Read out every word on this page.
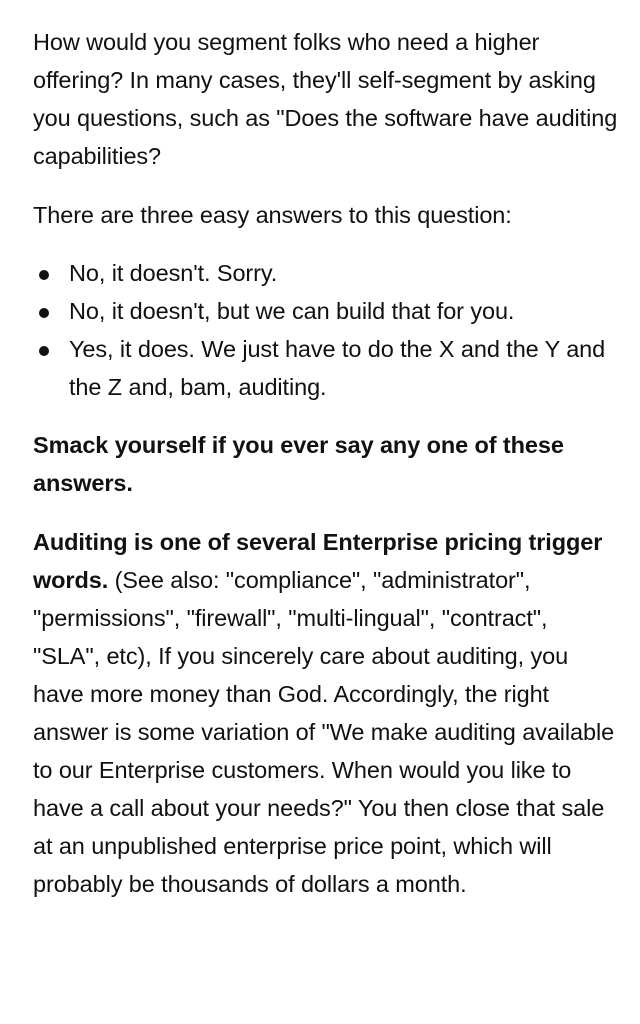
How would you segment folks who need a higher offering? In many cases, they'll self-segment by asking you questions, such as "Does the software have auditing capabilities?

There are three easy answers to this question:

No, it doesn't. Sorry.
No, it doesn't, but we can build that for you.
Yes, it does. We just have to do the X and the Y and the Z and, bam, auditing.

Smack yourself if you ever say any one of these answers.

Auditing is one of several Enterprise pricing trigger words. (See also: "compliance", "administrator", "permissions", "firewall", "multi-lingual", "contract", "SLA", etc), If you sincerely care about auditing, you have more money than God. Accordingly, the right answer is some variation of "We make auditing available to our Enterprise customers. When would you like to have a call about your needs?" You then close that sale at an unpublished enterprise price point, which will probably be thousands of dollars a month.
